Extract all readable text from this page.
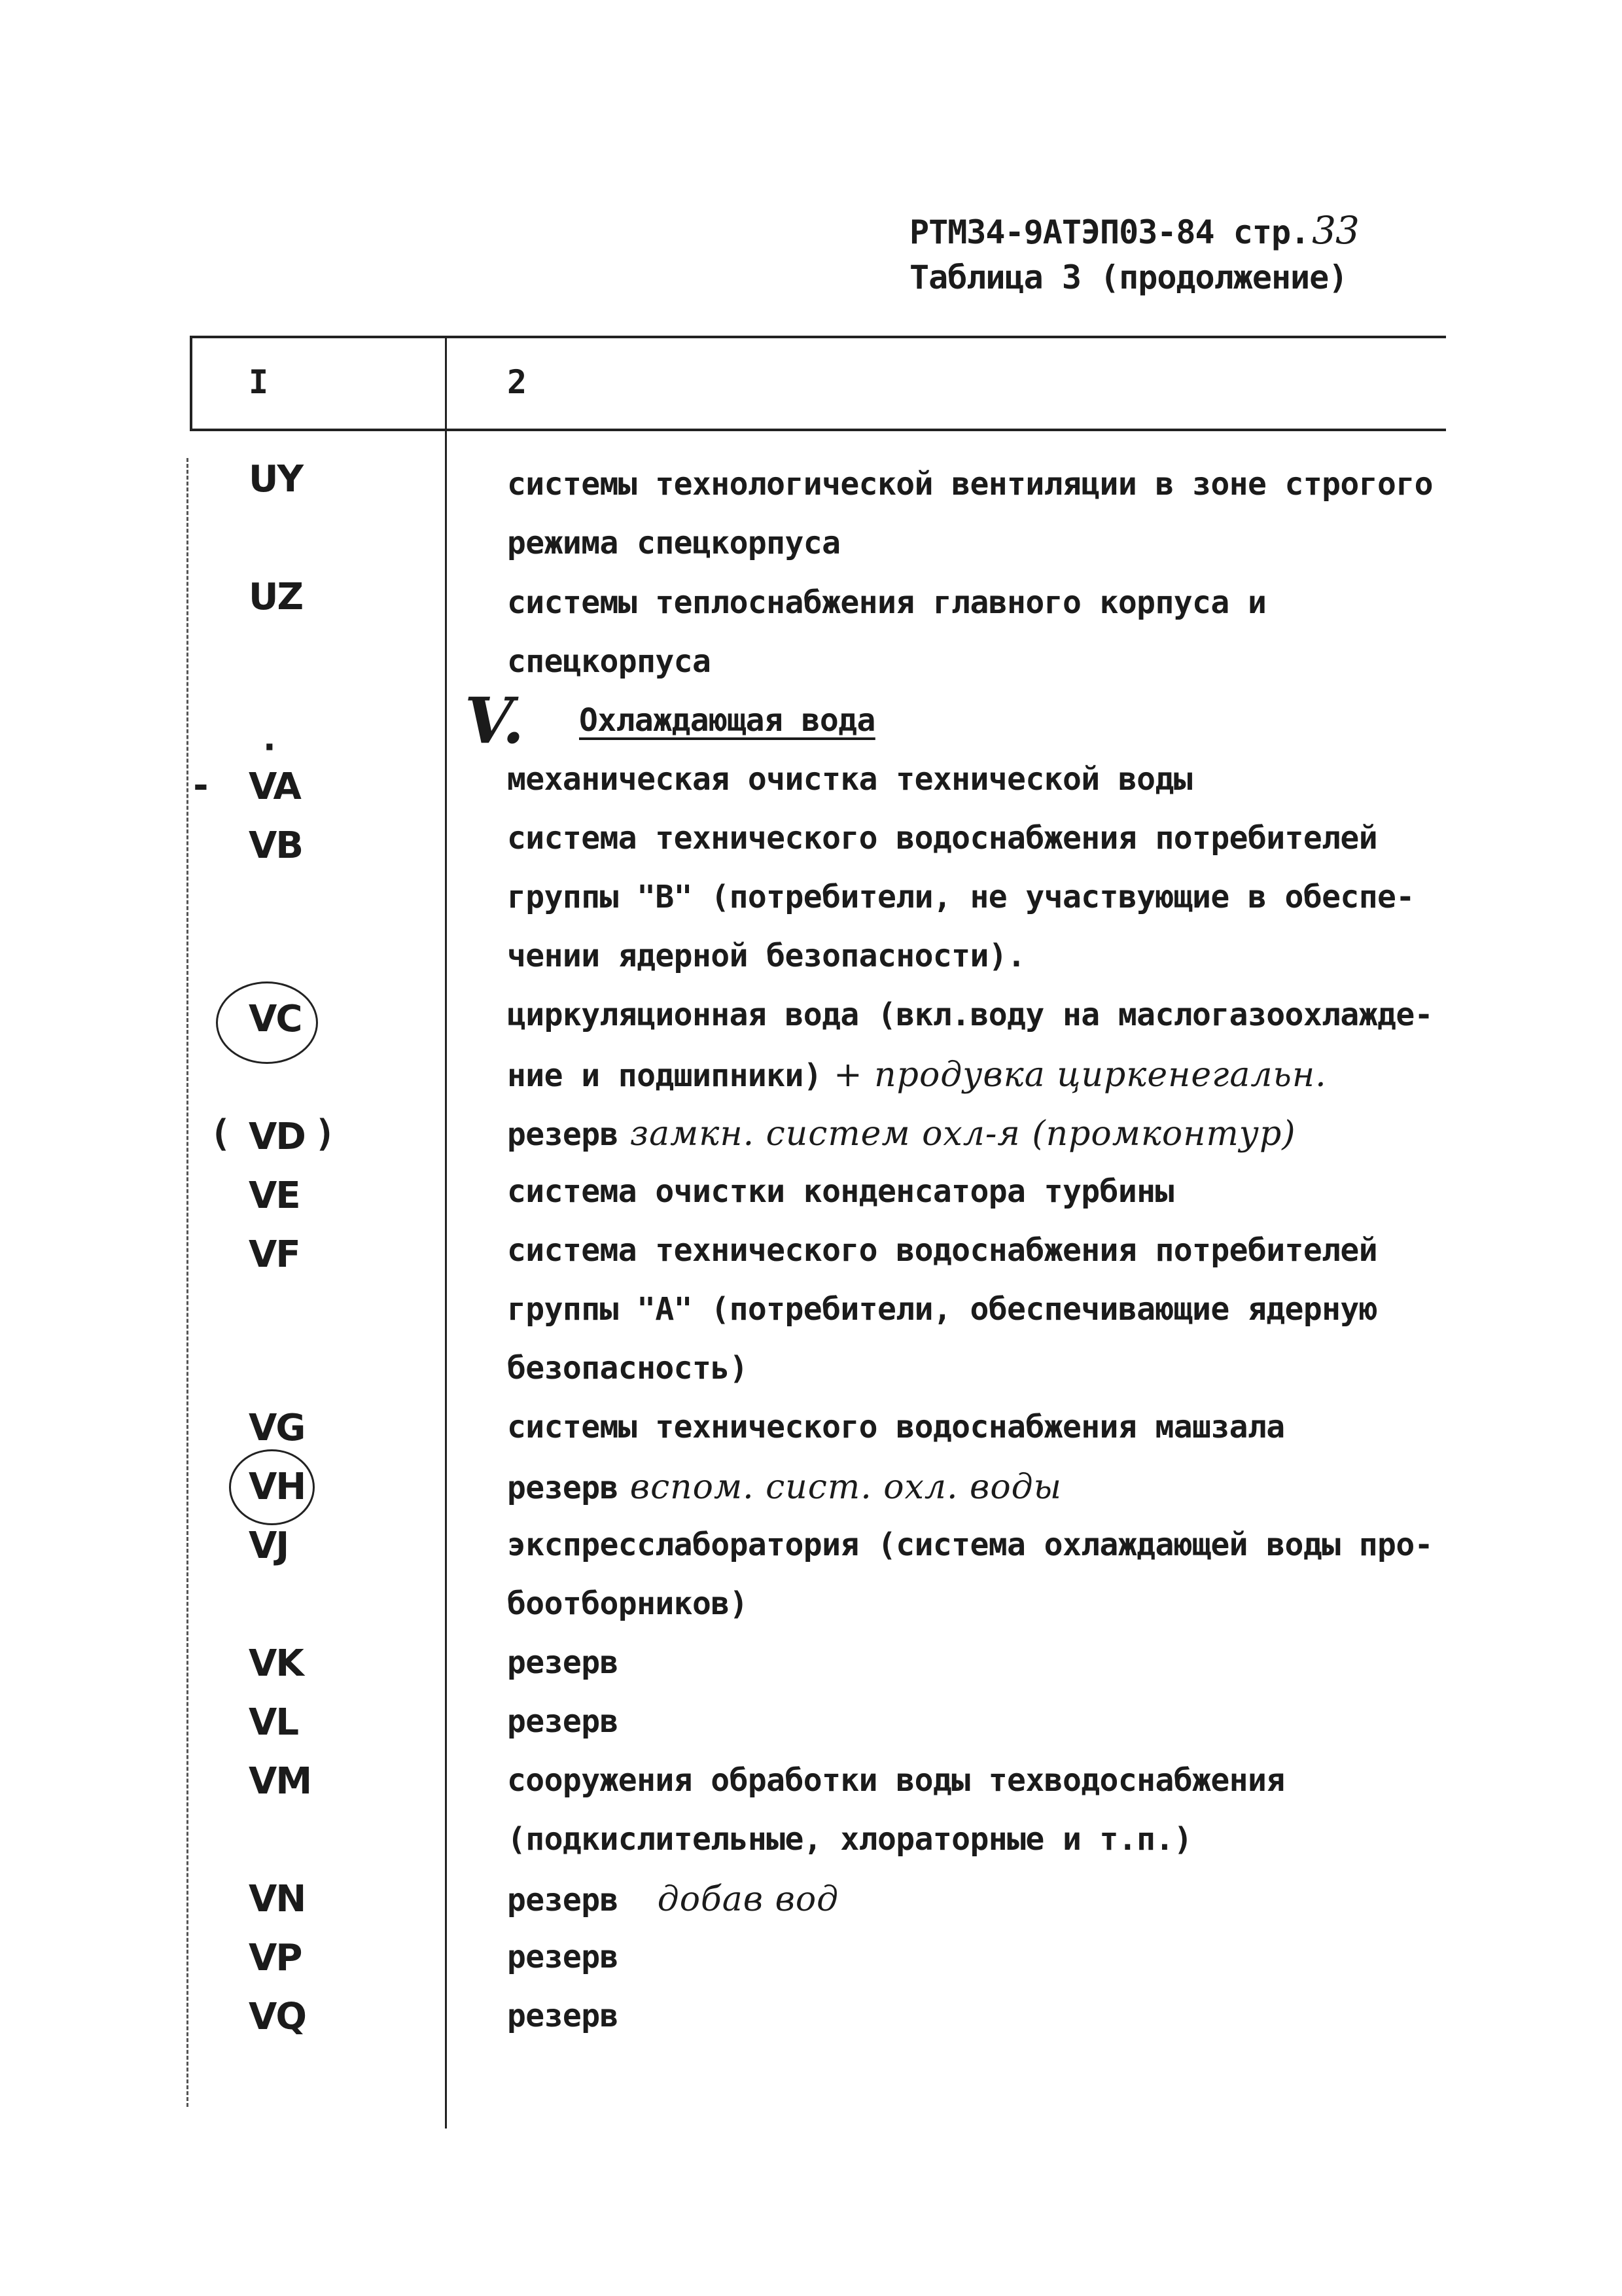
РТМ34-9АТЭП03-84 стр.33
Таблица 3 (продолжение)
I	2
V.
UY	системы технологической вентиляции в зоне строгого
режима спецкорпуса
UZ	системы теплоснабжения главного корпуса и
спецкорпуса
Охлаждающая вода
·
- VA	механическая очистка технической воды
VB	система технического водоснабжения потребителей
группы "В" (потребители, не участвующие в обеспе-
чении ядерной безопасности).
VC	циркуляционная вода (вкл.воду на маслогазоохлажде-
ние и подшипники) + продувка циркенегальн.
( )
VD	резерв замкн. систем охл-я (промконтур)
VE	система очистки конденсатора турбины
VF	система технического водоснабжения потребителей
группы "А" (потребители, обеспечивающие ядерную
безопасность)
VG	системы технического водоснабжения машзала
VH	резерв вспом. сист. охл. воды
VJ	экспресслаборатория (система охлаждающей воды про-
боотборников)
VK	резерв
VL	резерв
VM	сооружения обработки воды техводоснабжения
(подкислительные, хлораторные и т.п.)
VN	резерв добав вод
VP	резерв
VQ	резерв
